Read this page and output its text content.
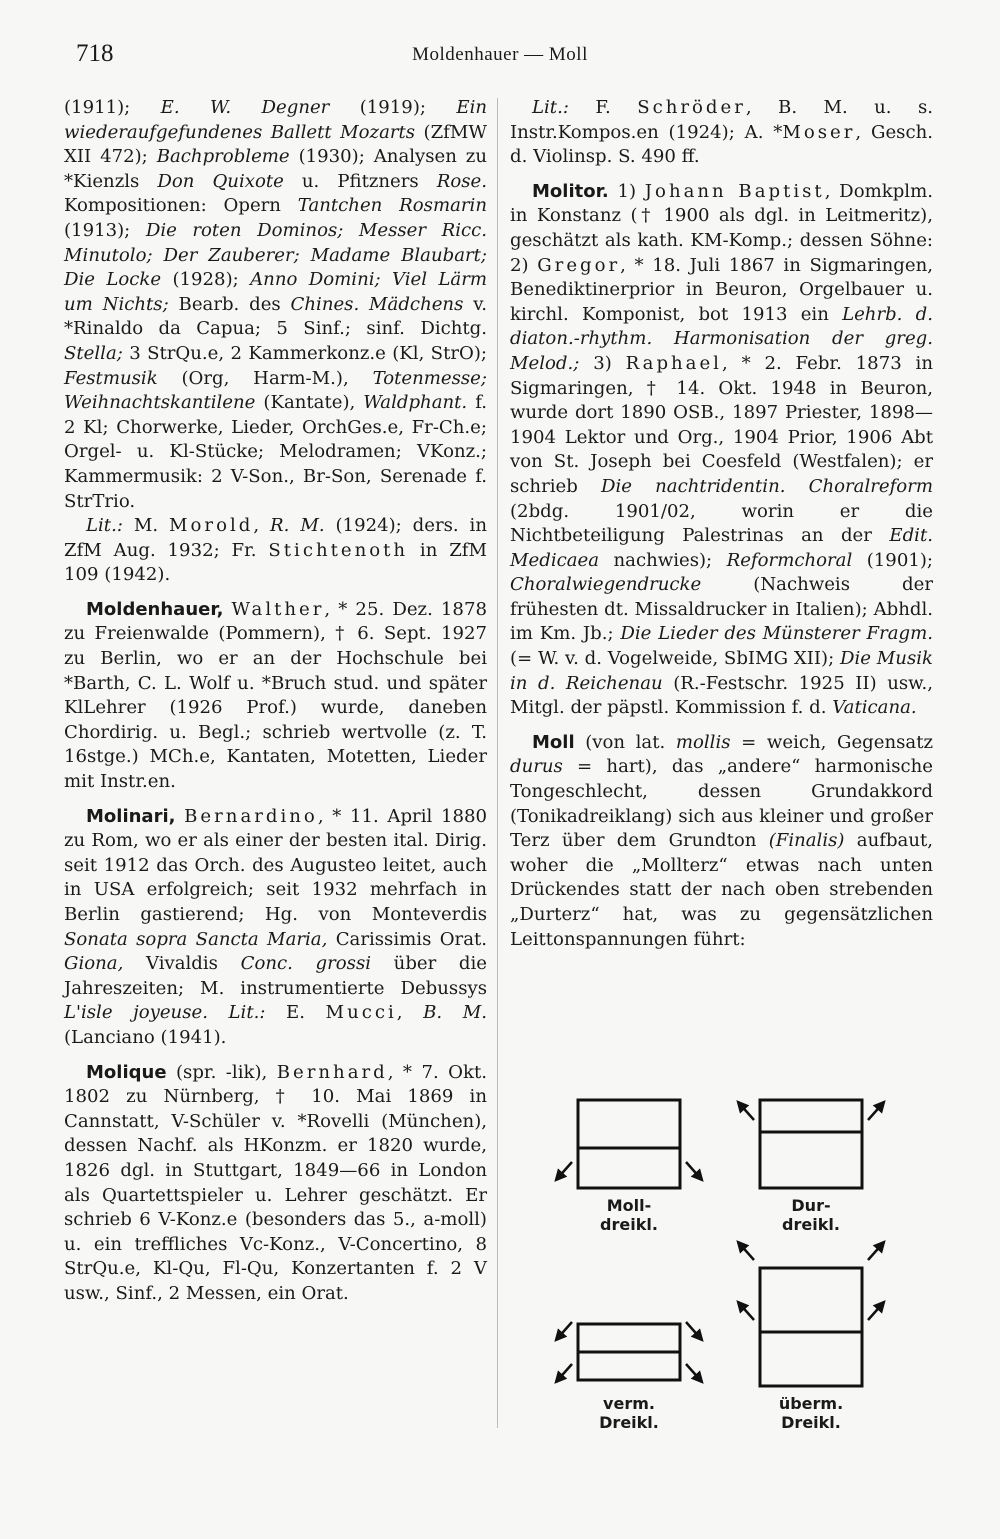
718	Moldenhauer — Moll

(1911); E. W. Degner (1919); Ein wiederaufgefundenes Ballett Mozarts (ZfMW XII 472); Bachprobleme (1930); Analysen zu *Kienzls Don Quixote u. Pfitzners Rose. Kompositionen: Opern Tantchen Rosmarin (1913); Die roten Dominos; Messer Ricc. Minutolo; Der Zauberer; Madame Blaubart; Die Locke (1928); Anno Domini; Viel Lärm um Nichts; Bearb. des Chines. Mädchens v. *Rinaldo da Capua; 5 Sinf.; sinf. Dichtg. Stella; 3 StrQu.e, 2 Kammerkonz.e (Kl, StrO); Festmusik (Org, Harm-M.), Totenmesse; Weihnachtskantilene (Kantate), Waldphant. f. 2 Kl; Chorwerke, Lieder, OrchGes.e, Fr-Ch.e; Orgel- u. Kl-Stücke; Melodramen; VKonz.; Kammermusik: 2 V-Son., Br-Son, Serenade f. StrTrio.

Lit.: M. Morold, R. M. (1924); ders. in ZfM Aug. 1932; Fr. Stichtenoth in ZfM 109 (1942).

Moldenhauer, Walther, * 25. Dez. 1878 zu Freienwalde (Pommern), † 6. Sept. 1927 zu Berlin, wo er an der Hochschule bei *Barth, C. L. Wolf u. *Bruch stud. und später KlLehrer (1926 Prof.) wurde, daneben Chordirig. u. Begl.; schrieb wertvolle (z. T. 16stge.) MCh.e, Kantaten, Motetten, Lieder mit Instr.en.

Molinari, Bernardino, * 11. April 1880 zu Rom, wo er als einer der besten ital. Dirig. seit 1912 das Orch. des Augusteo leitet, auch in USA erfolgreich; seit 1932 mehrfach in Berlin gastierend; Hg. von Monteverdis Sonata sopra Sancta Maria, Carissimis Orat. Giona, Vivaldis Conc. grossi über die Jahreszeiten; M. instrumentierte Debussys L'isle joyeuse. Lit.: E. Mucci, B. M. (Lanciano (1941).

Molique (spr. -lik), Bernhard, * 7. Okt. 1802 zu Nürnberg, † 10. Mai 1869 in Cannstatt, V-Schüler v. *Rovelli (München), dessen Nachf. als HKonzm. er 1820 wurde, 1826 dgl. in Stuttgart, 1849—66 in London als Quartettspieler u. Lehrer geschätzt. Er schrieb 6 V-Konz.e (besonders das 5., a-moll) u. ein treffliches Vc-Konz., V-Concertino, 8 StrQu.e, Kl-Qu, Fl-Qu, Konzertanten f. 2 V usw., Sinf., 2 Messen, ein Orat.

Lit.: F. Schröder, B. M. u. s. Instr.Kompos.en (1924); A. *Moser, Gesch. d. Violinsp. S. 490 ff.

Molitor. 1) Johann Baptist, Domkplm. in Konstanz († 1900 als dgl. in Leitmeritz), geschätzt als kath. KM-Komp.; dessen Söhne: 2) Gregor, * 18. Juli 1867 in Sigmaringen, Benediktinerprior in Beuron, Orgelbauer u. kirchl. Komponist, bot 1913 ein Lehrb. d. diaton.-rhythm. Harmonisation der greg. Melod.; 3) Raphael, * 2. Febr. 1873 in Sigmaringen, † 14. Okt. 1948 in Beuron, wurde dort 1890 OSB., 1897 Priester, 1898—1904 Lektor und Org., 1904 Prior, 1906 Abt von St. Joseph bei Coesfeld (Westfalen); er schrieb Die nachtridentin. Choralreform (2bdg. 1901/02, worin er die Nichtbeteiligung Palestrinas an der Edit. Medicaea nachwies); Reformchoral (1901); Choralwiegendrucke (Nachweis der frühesten dt. Missaldrucker in Italien); Abhdl. im Km. Jb.; Die Lieder des Münsterer Fragm. (= W. v. d. Vogelweide, SbIMG XII); Die Musik in d. Reichenau (R.-Festschr. 1925 II) usw., Mitgl. der päpstl. Kommission f. d. Vaticana.

Moll (von lat. mollis = weich, Gegensatz durus = hart), das „andere“ harmonische Tongeschlecht, dessen Grundakkord (Tonikadreiklang) sich aus kleiner und großer Terz über dem Grundton (Finalis) aufbaut, woher die „Mollterz“ etwas nach unten Drückendes statt der nach oben strebenden „Durterz“ hat, was zu gegensätzlichen Leittonspannungen führt:

Moll-
dreikl.
Dur-
dreikl.
verm.
Dreikl.
überm.
Dreikl.
